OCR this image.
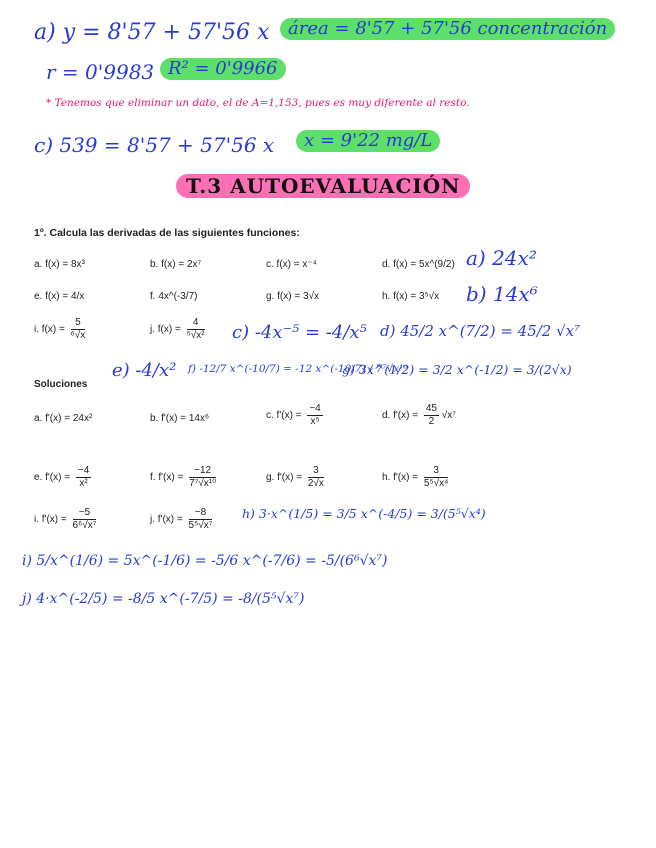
a) y = 8'57 + 57'56 x	área = 8'57 + 57'56 concentración
r = 0'9983 R² = 0'9966
* Tenemos que eliminar un dato, el de A=1,153, pues es muy diferente al resto.
c) 539 = 8'57 + 57'56 x	x = 9'22 mg/L
T.3 AUTOEVALUACIÓN
1º. Calcula las derivadas de las siguientes funciones:
a. f(x) = 8x³	b. f(x) = 2x⁷	c. f(x) = x⁻⁴	d. f(x) = 5x^(9/2)
e. f(x) = 4/x	f. 4x^(-3/7)	g. f(x) = 3√x	h. f(x) = 3⁵√x
i. $f(x) = \frac{5}{\text{⁶√x}}$	j. $f(x) = \frac{4}{\text{⁵√x²}}$
a) 24x²
b) 14x⁶
c) -4x⁻⁵ = -4/x⁵ d) 45/2 x^(7/2) = 45/2 √x⁷
e) -4/x² f) -12/7 x^(-10/7) = -12 x^(-10/7) / 7⁷√x¹⁰
g) 3x^(1/2) = 3/2 x^(-1/2) = 3/(2√x)
Soluciones
a. f'(x) = 24x²	b. f'(x) = 14x⁶	c. $f'(x) = \frac{-4}{\text{x⁵}}$	d. $f'(x) = \frac{45}{2} √x^7$
e. $f'(x) = \frac{-4}{\text{x²}}$	f. $f'(x) = \frac{-12}{\text{7⁷√x¹⁰}}$	g. $f'(x) = \frac{3}{2√x}$	h. $f'(x) = \frac{3}{\text{5⁵√x⁴}}$
i. $f'(x) = \frac{-5}{\text{6⁶√x⁷}}$	j. $f'(x) = \frac{-8}{\text{5⁵√x⁷}} h$) 3·x^(1/5) = 3/5 x^(-4/5) = 3/(5⁵√x⁴)
i) 5/x^(1/6) = 5x^(-1/6) = -5/6 x^(-7/6) = -5/(6⁶√x⁷)
j) 4·x^(-2/5) = -8/5 x^(-7/5) = -8/(5⁵√x⁷)
